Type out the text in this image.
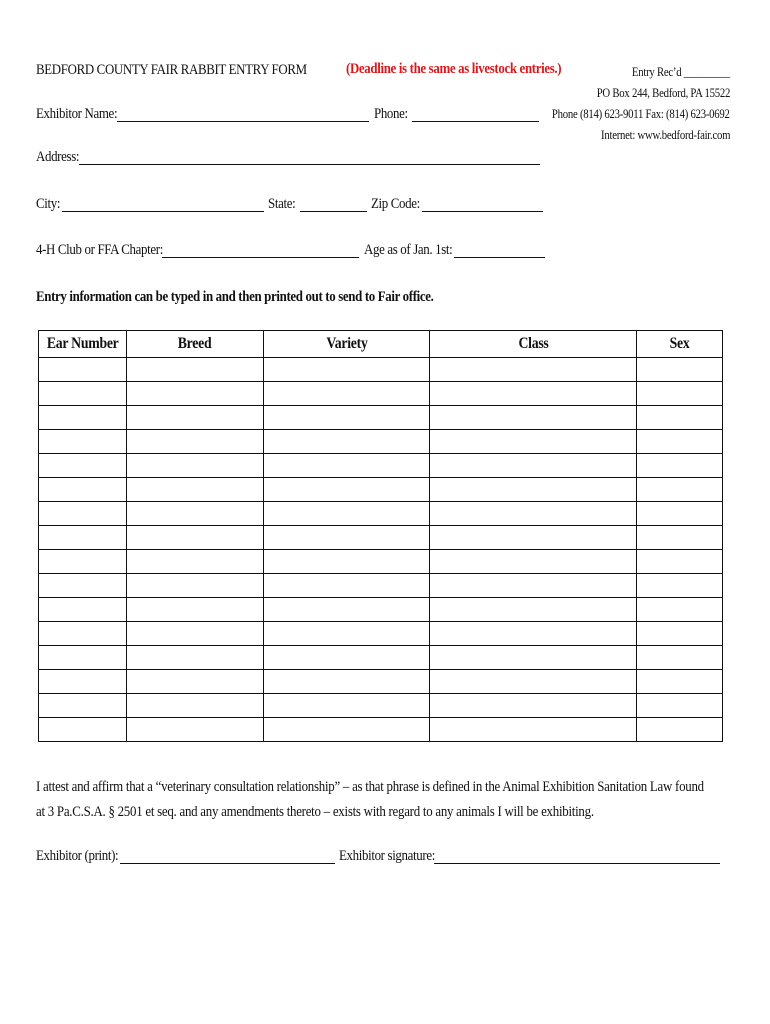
BEDFORD COUNTY FAIR RABBIT ENTRY FORM	(Deadline is the same as livestock entries.)	Entry Rec’d _________
PO Box 244, Bedford, PA 15522
Phone (814) 623-9011 Fax: (814) 623-0692
Internet: www.bedford-fair.com
Exhibitor Name:	Phone:
Address:
City:	State:	Zip Code:
4-H Club or FFA Chapter:	Age as of Jan. 1st:
Entry information can be typed in and then printed out to send to Fair office.
Ear Number	Breed	Variety	Class	Sex

I attest and affirm that a “veterinary consultation relationship” – as that phrase is defined in the Animal Exhibition Sanitation Law found at 3 Pa.C.S.A. § 2501 et seq. and any amendments thereto – exists with regard to any animals I will be exhibiting.
Exhibitor (print):	Exhibitor signature:
